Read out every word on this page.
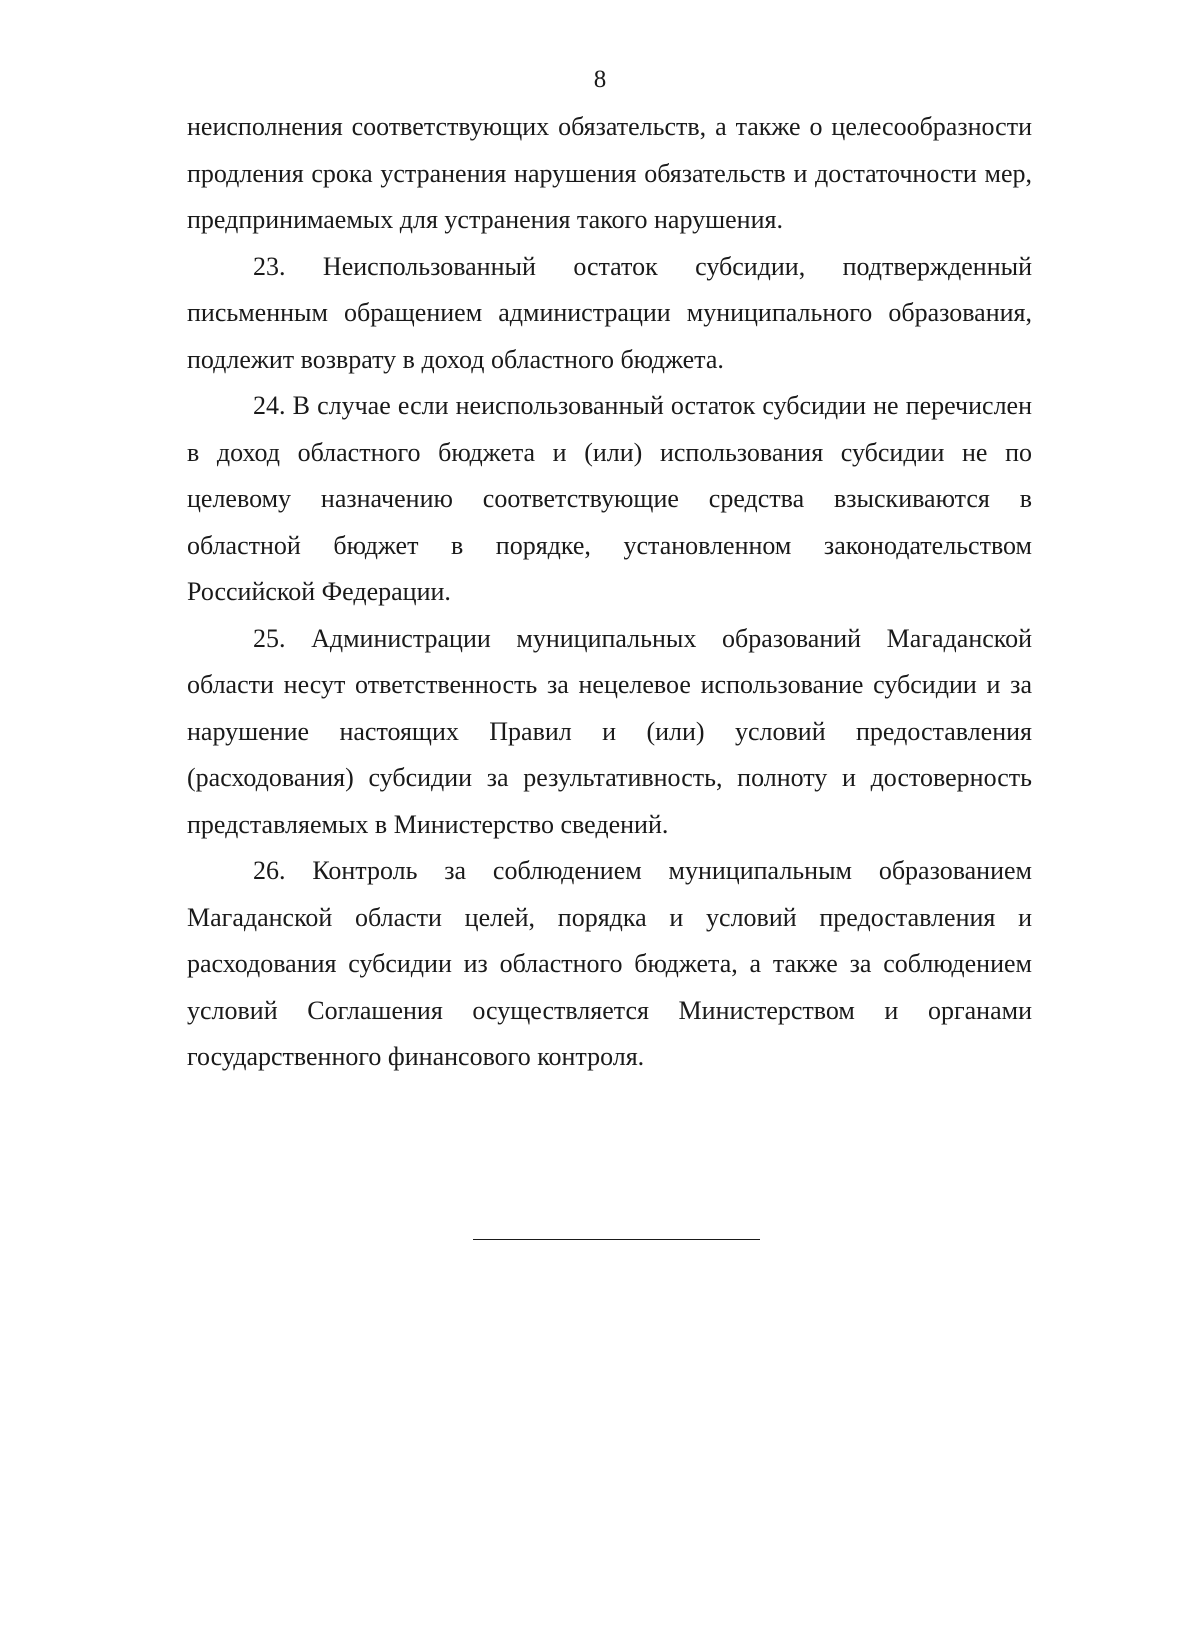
8

неисполнения соответствующих обязательств, а также о целесообразности продления срока устранения нарушения обязательств и достаточности мер, предпринимаемых для устранения такого нарушения.

23. Неиспользованный остаток субсидии, подтвержденный письменным обращением администрации муниципального образования, подлежит возврату в доход областного бюджета.

24. В случае если неиспользованный остаток субсидии не перечислен в доход областного бюджета и (или) использования субсидии не по целевому назначению соответствующие средства взыскиваются в областной бюджет в порядке, установленном законодательством Российской Федерации.

25. Администрации муниципальных образований Магаданской области несут ответственность за нецелевое использование субсидии и за нарушение настоящих Правил и (или) условий предоставления (расходования) субсидии за результативность, полноту и достоверность представляемых в Министерство сведений.

26. Контроль за соблюдением муниципальным образованием Магаданской области целей, порядка и условий предоставления и расходования субсидии из областного бюджета, а также за соблюдением условий Соглашения осуществляется Министерством и органами государственного финансового контроля.
